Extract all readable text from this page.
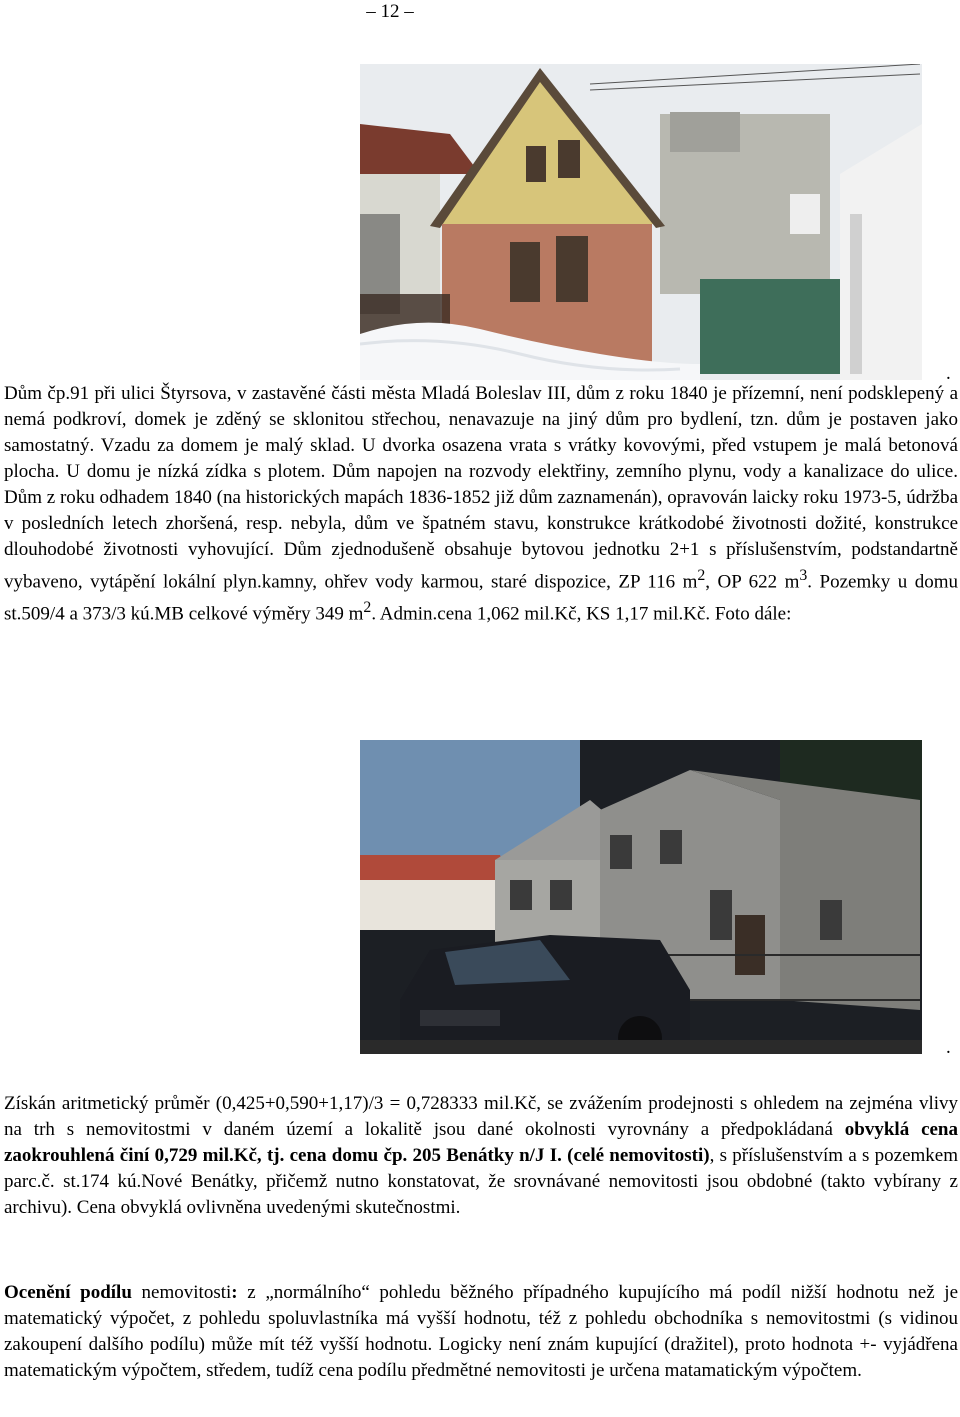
– 12 –
.

Dům čp.91 při ulici Štyrsova, v zastavěné části města Mladá Boleslav III, dům z roku 1840 je přízemní, není podsklepený a nemá podkroví, domek je zděný se sklonitou střechou, nenavazuje na jiný dům pro bydlení, tzn. dům je postaven jako samostatný. Vzadu za domem je malý sklad. U dvorka osazena vrata s vrátky kovovými, před vstupem je malá betonová plocha. U domu je nízká zídka s plotem. Dům napojen na rozvody elektřiny, zemního plynu, vody a kanalizace do ulice. Dům z roku odhadem 1840 (na historických mapách 1836-1852 již dům zaznamenán), opravován laicky roku 1973-5, údržba v posledních letech zhoršená, resp. nebyla, dům ve špatném stavu, konstrukce krátkodobé životnosti dožité, konstrukce dlouhodobé životnosti vyhovující. Dům zjednodušeně obsahuje bytovou jednotku 2+1 s příslušenstvím, podstandartně vybaveno, vytápění lokální plyn.kamny, ohřev vody karmou, staré dispozice, ZP 116 $m^2$, OP 622 $m^3$. Pozemky u domu st.509/4 a 373/3 kú.MB celkové výměry 349 $m^2$. Admin.cena 1,062 mil.Kč, KS 1,17 mil.Kč. Foto dále:

.

Získán aritmetický průměr (0,425+0,590+1,17)/3 = 0,728333 mil.Kč, se zvážením prodejnosti s ohledem na zejména vlivy na trh s nemovitostmi v daném území a lokalitě jsou dané okolnosti vyrovnány a předpokládaná obvyklá cena zaokrouhlená činí 0,729 mil.Kč, tj. cena domu čp. 205 Benátky n/J I. (celé nemovitosti), s příslušenstvím a s pozemkem parc.č. st.174 kú.Nové Benátky, přičemž nutno konstatovat, že srovnávané nemovitosti jsou obdobné (takto vybírany z archivu). Cena obvyklá ovlivněna uvedenými skutečnostmi.

Ocenění podílu nemovitosti: z „normálního“ pohledu běžného případného kupujícího má podíl nižší hodnotu než je matematický výpočet, z pohledu spoluvlastníka má vyšší hodnotu, též z pohledu obchodníka s nemovitostmi (s vidinou zakoupení dalšího podílu) může mít též vyšší hodnotu. Logicky není znám kupující (dražitel), proto hodnota +- vyjádřena matematickým výpočtem, středem, tudíž cena podílu předmětné nemovitosti je určena matamatickým výpočtem.
